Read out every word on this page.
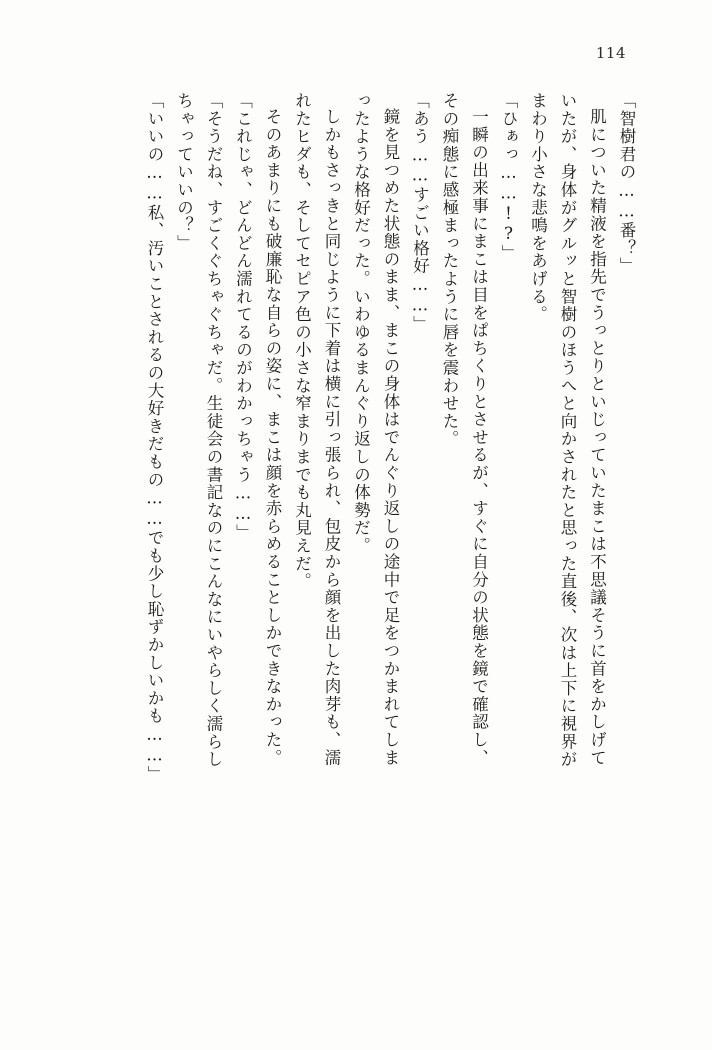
114
「智樹君の……番？」
肌についた精液を指先でうっとりといじっていたまこは不思議そうに首をかしげて
いたが、身体がグルッと智樹のほうへと向かされたと思った直後、次は上下に視界が
まわり小さな悲鳴をあげる。
「ひぁっ……!?」
一瞬の出来事にまこは目をぱちくりとさせるが、すぐに自分の状態を鏡で確認し、
その痴態に感極まったように唇を震わせた。
「あう……すごい格好……」
鏡を見つめた状態のまま、まこの身体はでんぐり返しの途中で足をつかまれてしま
ったような格好だった。いわゆるまんぐり返しの体勢だ。
しかもさっきと同じように下着は横に引っ張られ、包皮から顔を出した肉芽も、濡
れたヒダも、そしてセピア色の小さな窄まりまでも丸見えだ。
そのあまりにも破廉恥な自らの姿に、まこは顔を赤らめることしかできなかった。
「これじゃ、どんどん濡れてるのがわかっちゃう……」
「そうだね、すごくぐちゃぐちゃだ。生徒会の書記なのにこんなにいやらしく濡らし
ちゃっていいの？」
「いいの……私、汚いことされるの大好きだもの……でも少し恥ずかしいかも……」
